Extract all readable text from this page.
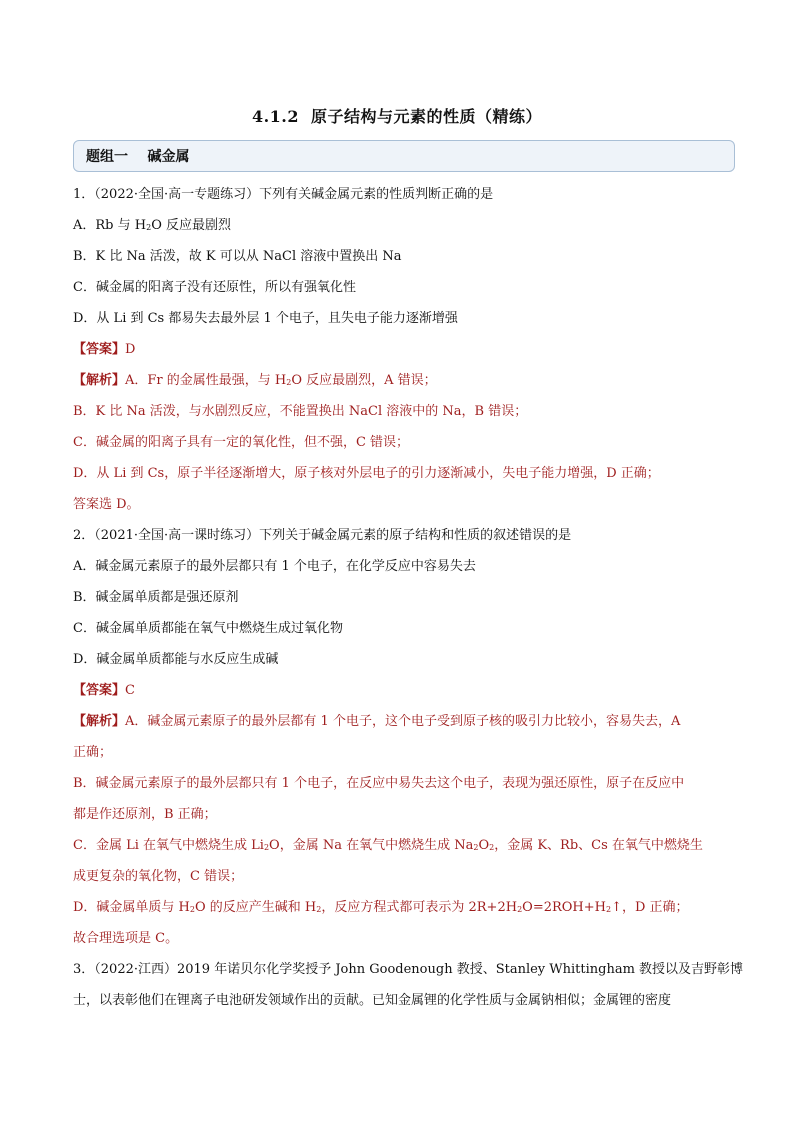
4.1.2 原子结构与元素的性质（精练）
题组一    碱金属
1．（2022·全国·高一专题练习）下列有关碱金属元素的性质判断正确的是
A．Rb 与 $H_2O$ 反应最剧烈
B．K 比 Na 活泼，故 K 可以从 NaCl 溶液中置换出 Na
C．碱金属的阳离子没有还原性，所以有强氧化性
D．从 Li 到 Cs 都易失去最外层 1 个电子，且失电子能力逐渐增强
【答案】D
【解析】A．Fr 的金属性最强，与 $H_2O$ 反应最剧烈，A 错误；
B．K 比 Na 活泼，与水剧烈反应，不能置换出 NaCl 溶液中的 Na，B 错误；
C．碱金属的阳离子具有一定的氧化性，但不强，C 错误；
D．从 Li 到 Cs，原子半径逐渐增大，原子核对外层电子的引力逐渐减小，失电子能力增强，D 正确；
答案选 D。
2．（2021·全国·高一课时练习）下列关于碱金属元素的原子结构和性质的叙述错误的是
A．碱金属元素原子的最外层都只有 1 个电子，在化学反应中容易失去
B．碱金属单质都是强还原剂
C．碱金属单质都能在氧气中燃烧生成过氧化物
D．碱金属单质都能与水反应生成碱
【答案】C
【解析】A．碱金属元素原子的最外层都有 1 个电子，这个电子受到原子核的吸引力比较小，容易失去，A
正确；
B．碱金属元素原子的最外层都只有 1 个电子，在反应中易失去这个电子，表现为强还原性，原子在反应中
都是作还原剂，B 正确；
C．金属 Li 在氧气中燃烧生成 $Li_2O$，金属 Na 在氧气中燃烧生成 $Na_2O_2$，金属 K、Rb、Cs 在氧气中燃烧生
成更复杂的氧化物，C 错误；
D．碱金属单质与 $H_2O$ 的反应产生碱和 $H_2$，反应方程式都可表示为 $2R+2H_2O=2ROH+H_2↑$，D 正确；
故合理选项是 C。
3．（2022·江西）2019 年诺贝尔化学奖授予 John Goodenough 教授、Stanley Whittingham 教授以及吉野彰博
士，以表彰他们在锂离子电池研发领域作出的贡献。已知金属锂的化学性质与金属钠相似；金属锂的密度
